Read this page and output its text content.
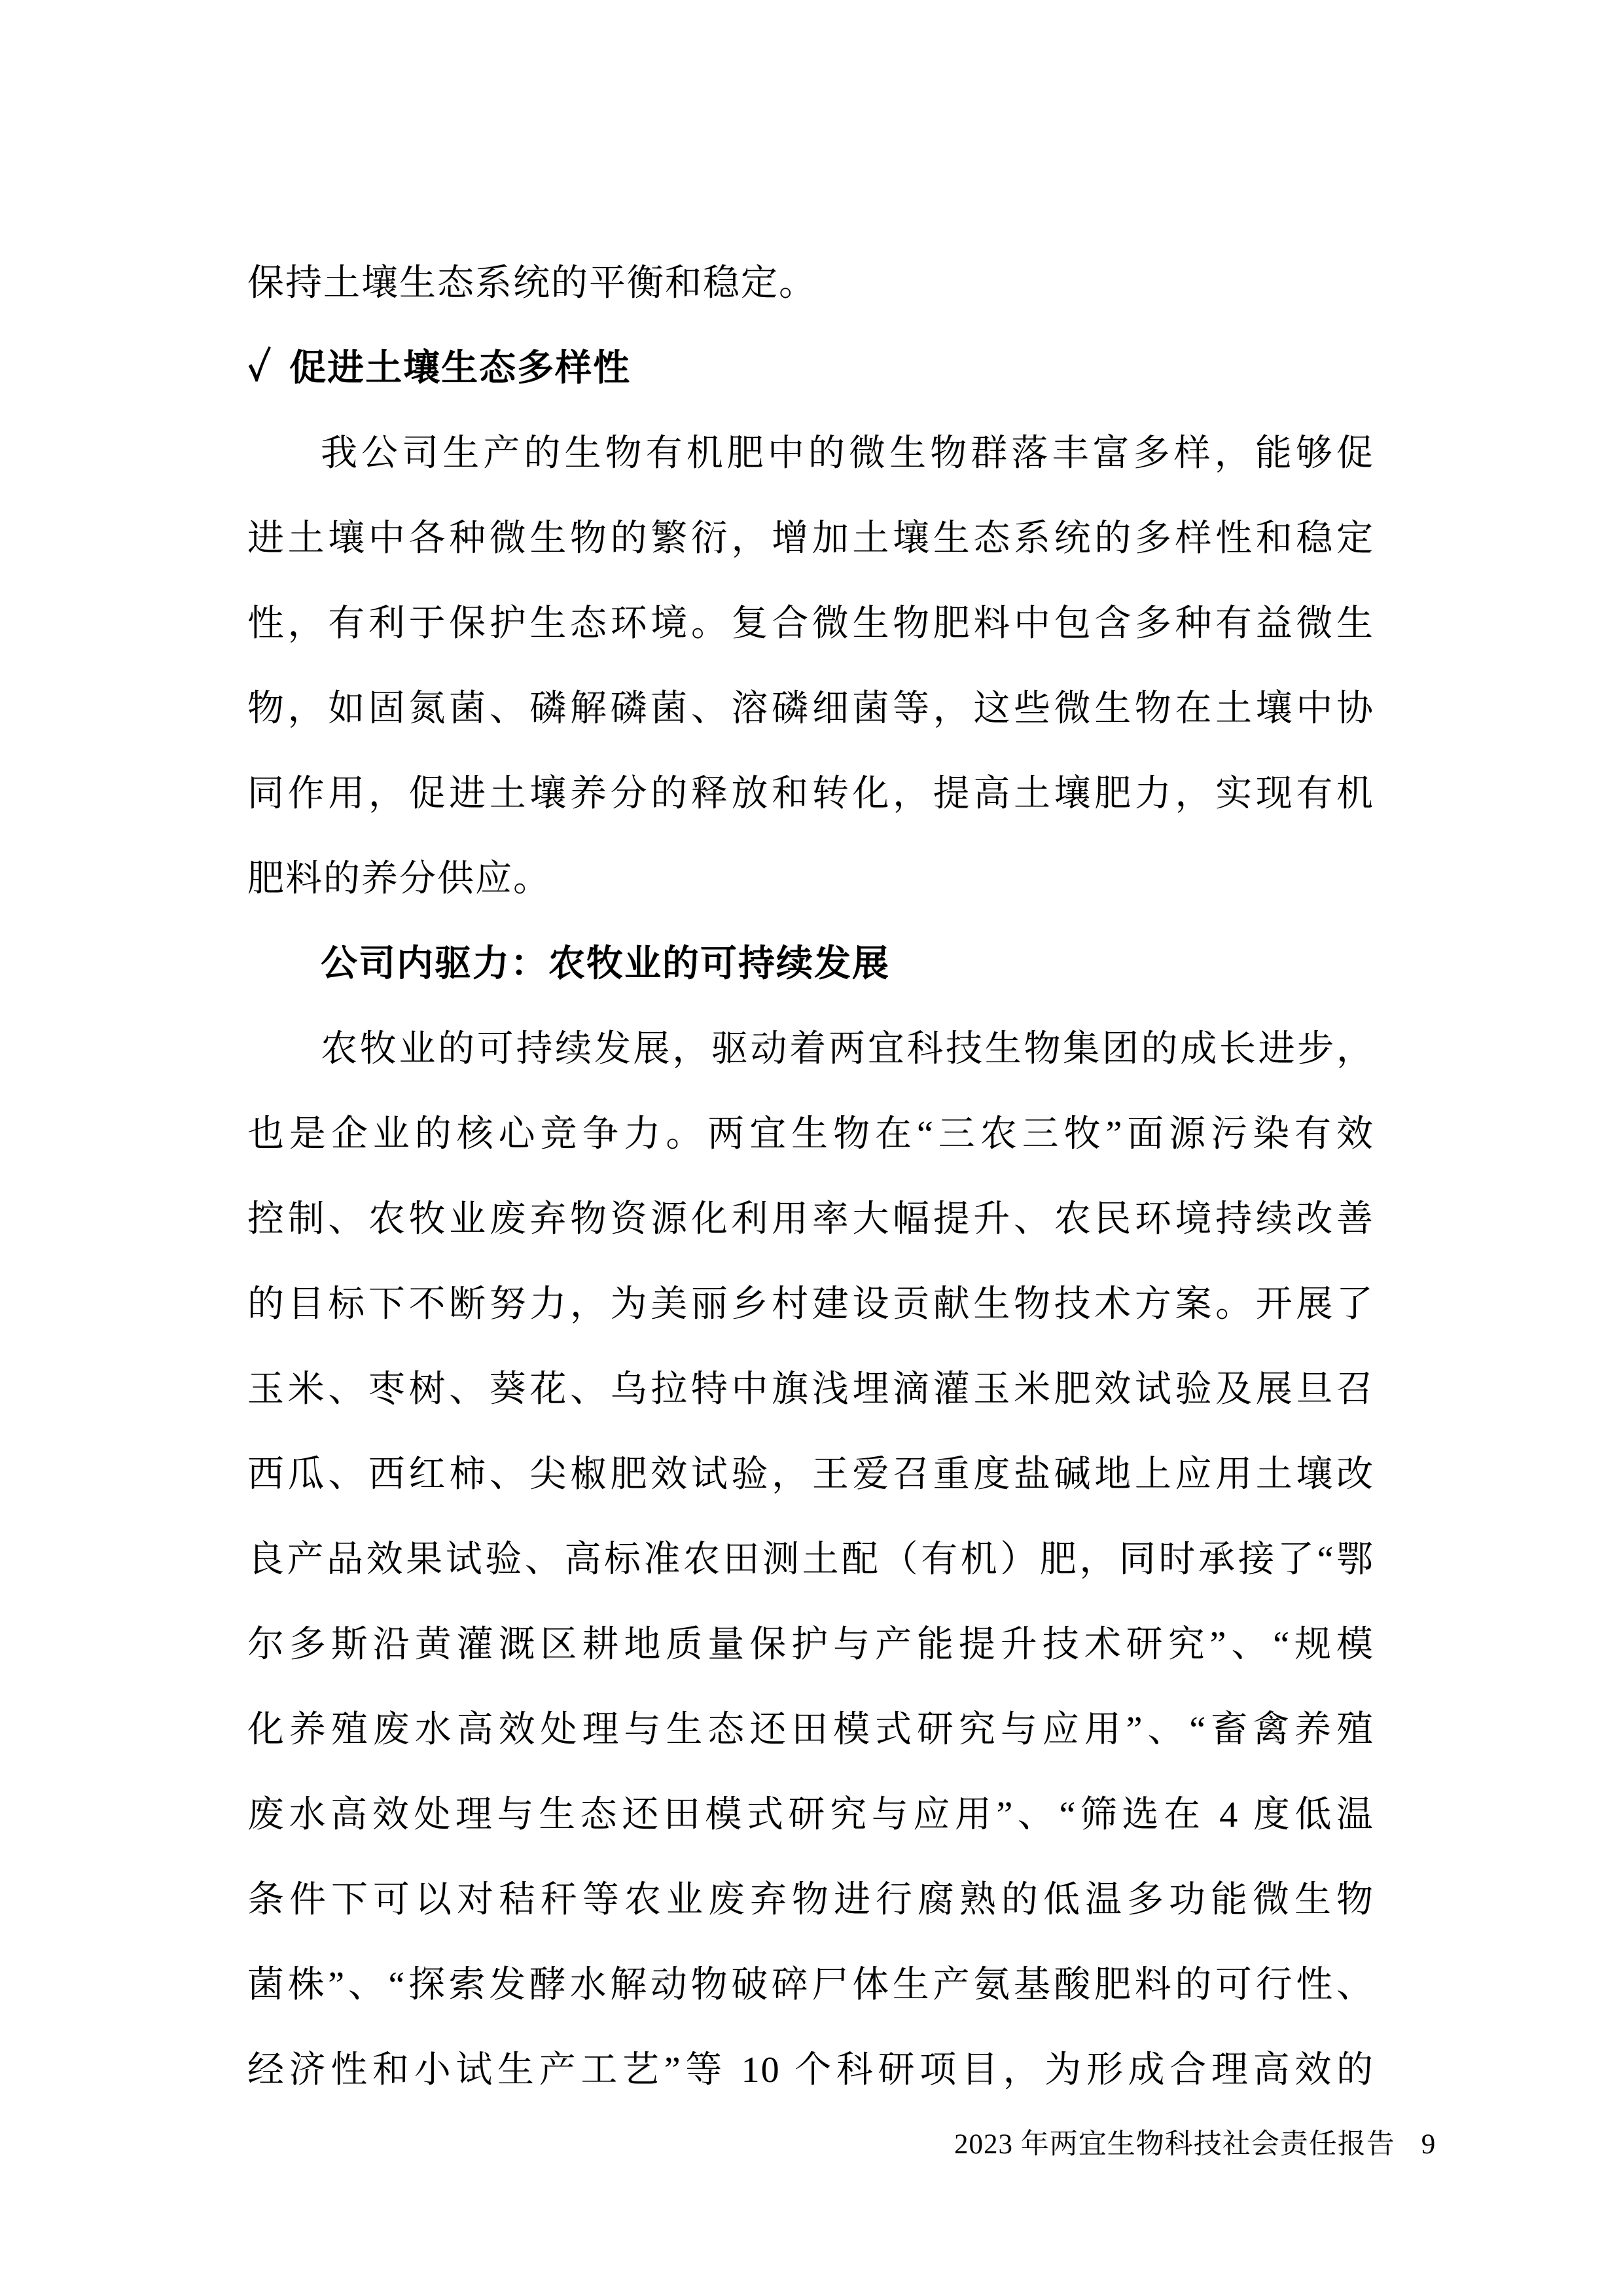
保持土壤生态系统的平衡和稳定。
✓ 促进土壤生态多样性
我公司生产的生物有机肥中的微生物群落丰富多样，能够促
进土壤中各种微生物的繁衍，增加土壤生态系统的多样性和稳定
性，有利于保护生态环境。复合微生物肥料中包含多种有益微生
物，如固氮菌、磷解磷菌、溶磷细菌等，这些微生物在土壤中协
同作用，促进土壤养分的释放和转化，提高土壤肥力，实现有机
肥料的养分供应。
公司内驱力：农牧业的可持续发展
农牧业的可持续发展，驱动着两宜科技生物集团的成长进步，
也是企业的核心竞争力。两宜生物在“三农三牧”面源污染有效
控制、农牧业废弃物资源化利用率大幅提升、农民环境持续改善
的目标下不断努力，为美丽乡村建设贡献生物技术方案。开展了
玉米、枣树、葵花、乌拉特中旗浅埋滴灌玉米肥效试验及展旦召
西瓜、西红柿、尖椒肥效试验，王爱召重度盐碱地上应用土壤改
良产品效果试验、高标准农田测土配（有机）肥，同时承接了“鄂
尔多斯沿黄灌溉区耕地质量保护与产能提升技术研究”、“规模
化养殖废水高效处理与生态还田模式研究与应用”、“畜禽养殖
废水高效处理与生态还田模式研究与应用”、“筛选在 4 度低温
条件下可以对秸秆等农业废弃物进行腐熟的低温多功能微生物
菌株”、“探索发酵水解动物破碎尸体生产氨基酸肥料的可行性、
经济性和小试生产工艺”等 10 个科研项目，为形成合理高效的
2023 年两宜生物科技社会责任报告 9
